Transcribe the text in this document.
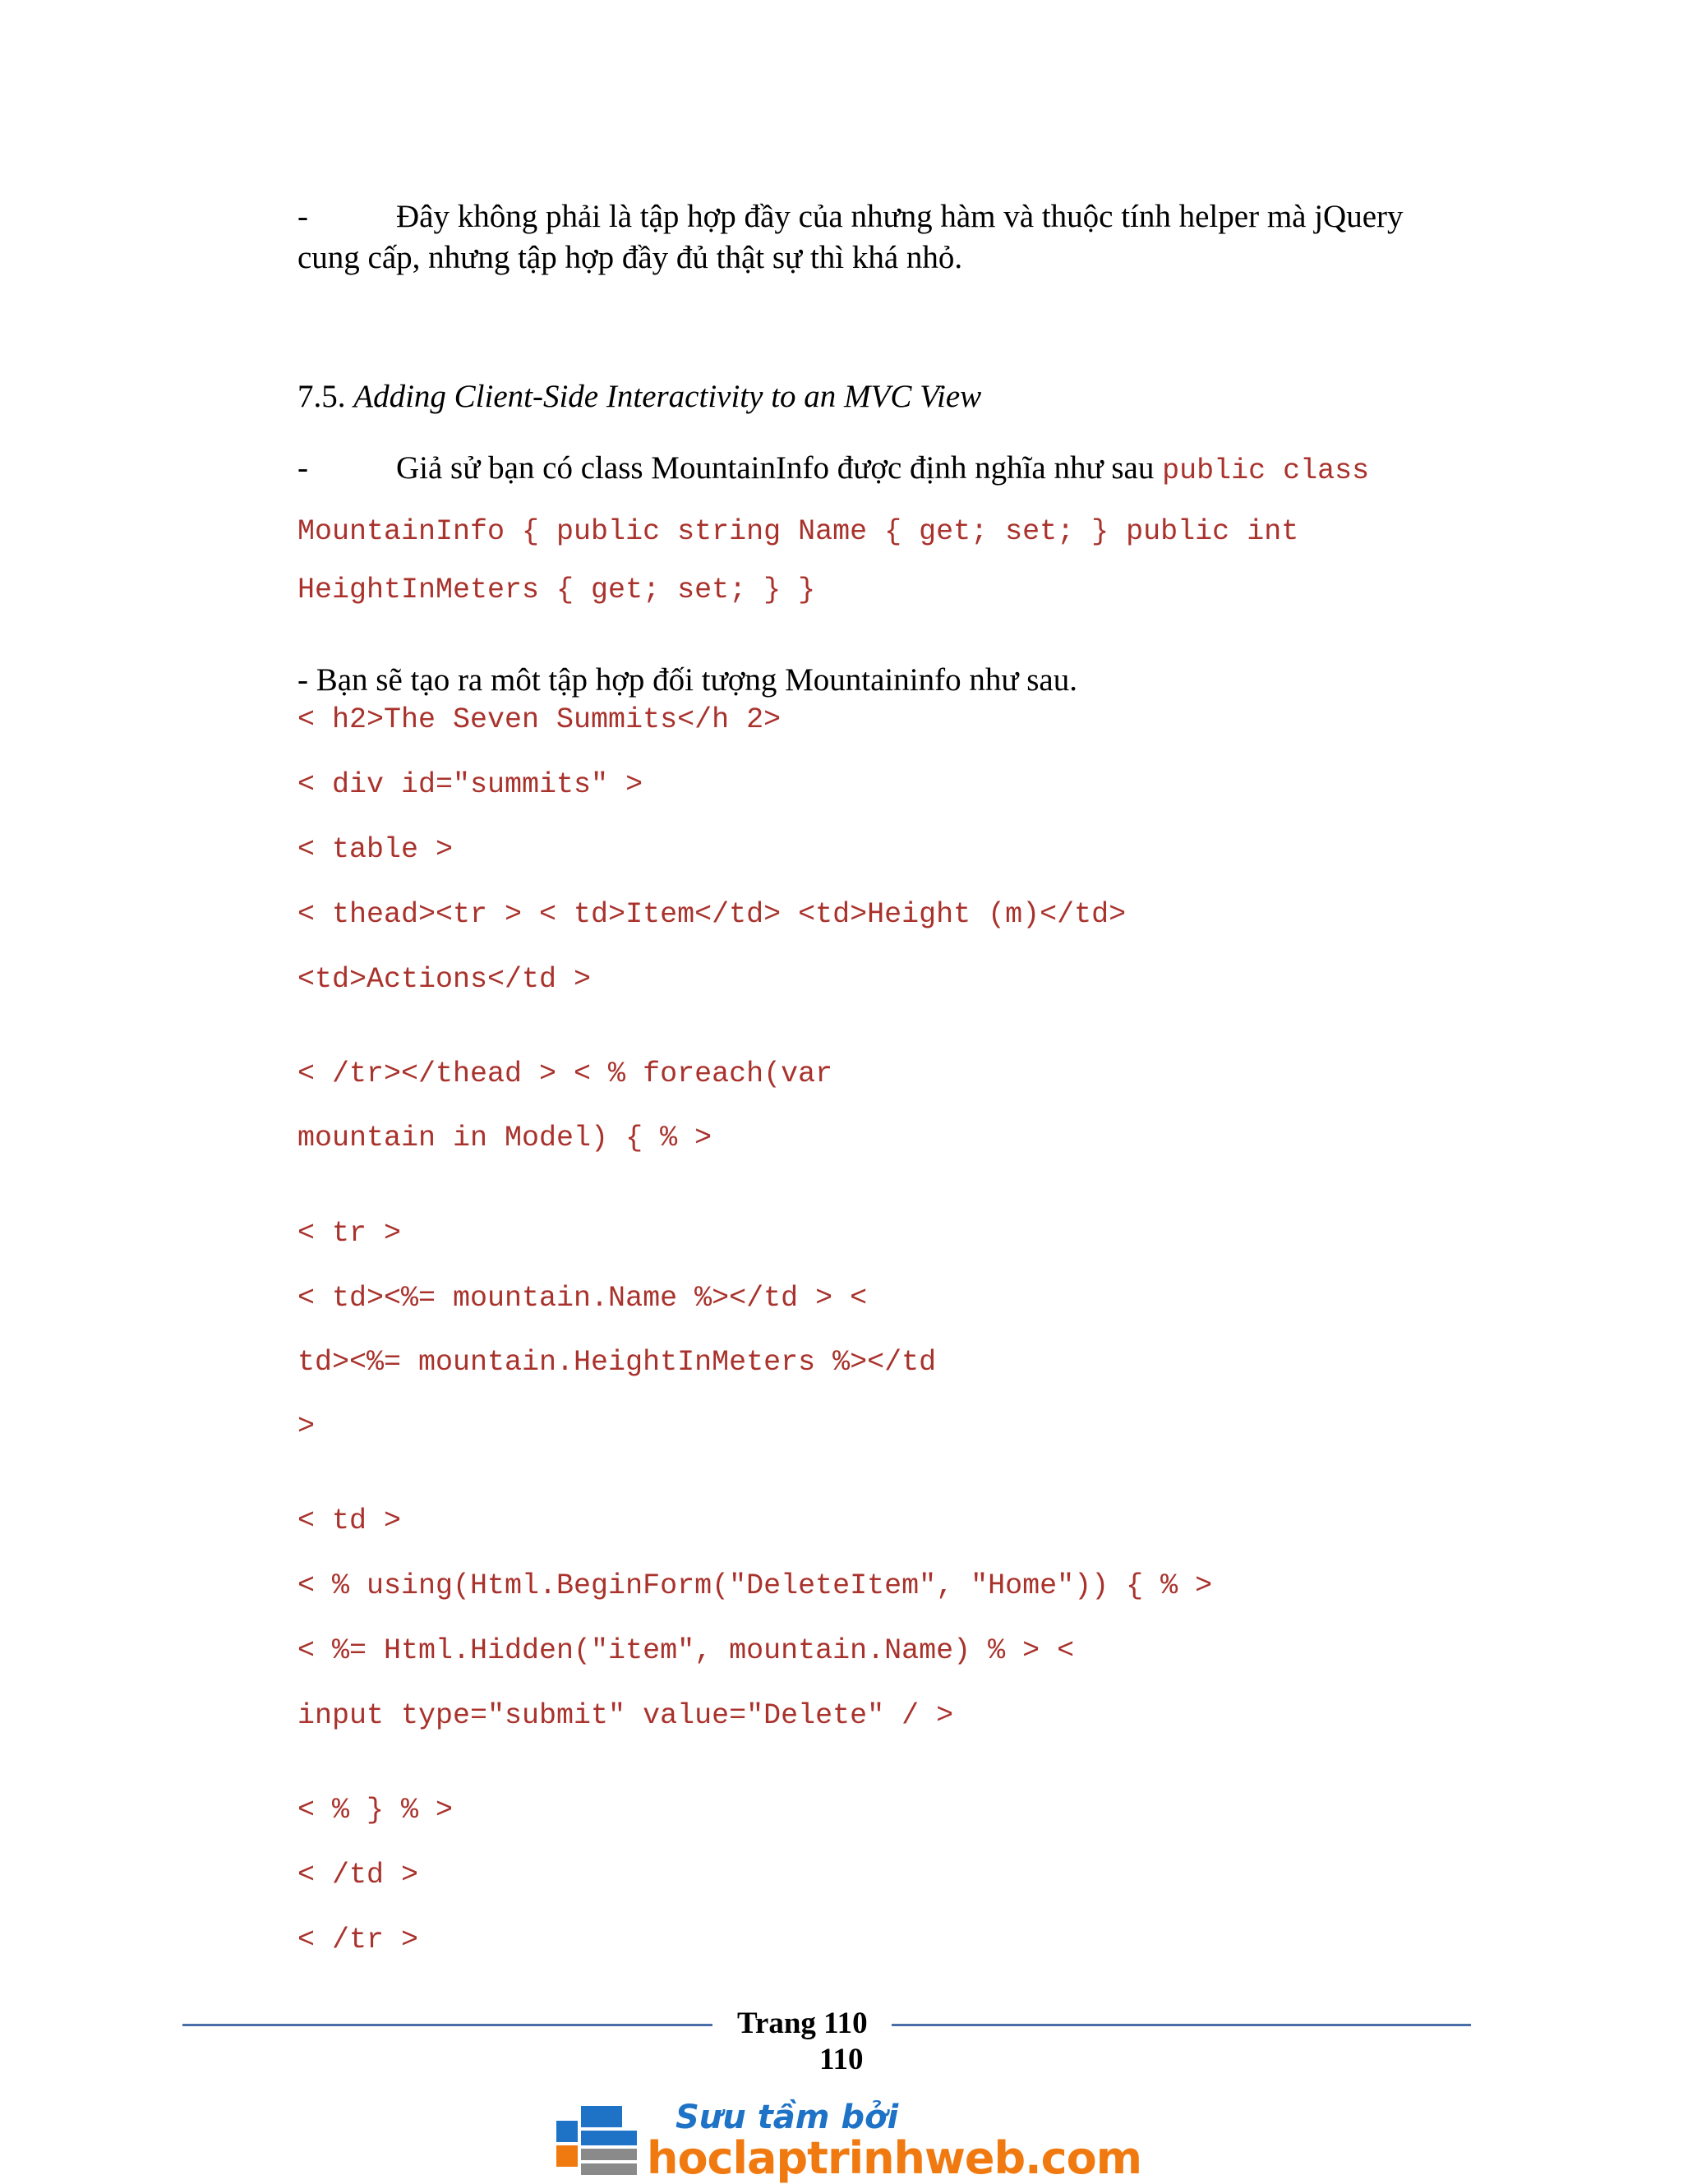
-	Đây không phải là tập hợp đầy của nhưng hàm và thuộc tính helper mà jQuery
cung cấp, nhưng tập hợp đầy đủ thật sự thì khá nhỏ.

7.5. Adding Client-Side Interactivity to an MVC View

-	Giả sử bạn có class MountainInfo được định nghĩa như sau public class

MountainInfo { public string Name { get; set; } public int
HeightInMeters { get; set; } }

- Bạn sẽ tạo ra môt tập hợp đối tượng Mountaininfo như sau.

< h2>The Seven Summits</h 2>
< div id="summits" >
< table >
< thead><tr > < td>Item</td> <td>Height (m)</td>
<td>Actions</td >
< /tr></thead > < % foreach(var
mountain in Model) { % >
< tr >
< td><%= mountain.Name %></td > <
td><%= mountain.HeightInMeters %></td
>
< td >
< % using(Html.BeginForm("DeleteItem", "Home")) { % >
< %= Html.Hidden("item", mountain.Name) % > <
input type="submit" value="Delete" / >
< % } % >
< /td >
< /tr >
Trang 110
110
Sưu tầm bởi
hoclaptrinhweb.com
